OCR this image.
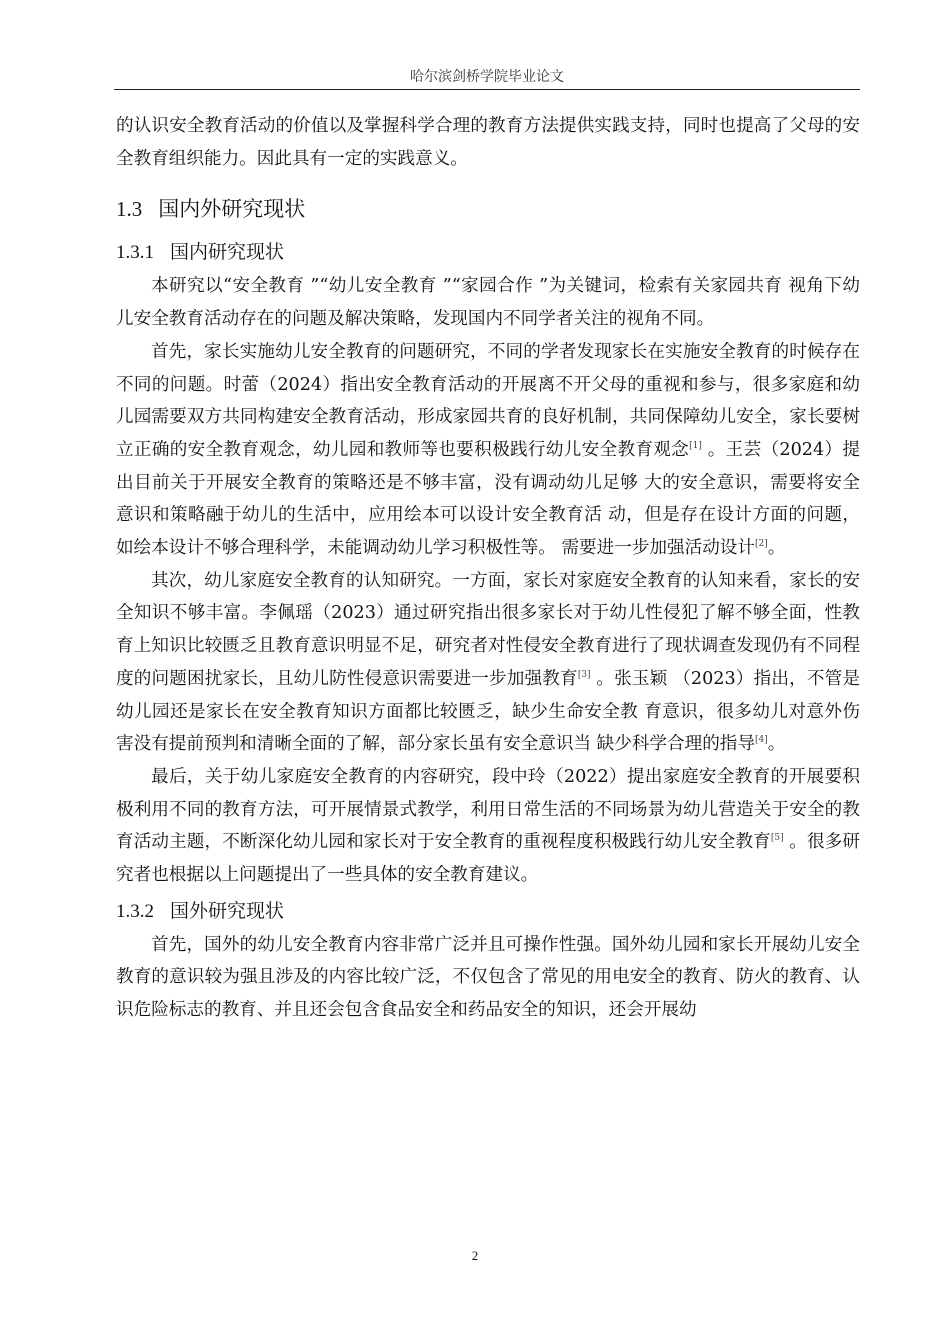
哈尔滨剑桥学院毕业论文

的认识安全教育活动的价值以及掌握科学合理的教育方法提供实践支持，同时也提高了父母的安全教育组织能力。因此具有一定的实践意义。

1.3 国内外研究现状
1.3.1 国内研究现状

本研究以“安全教育 ”“幼儿安全教育 ”“家园合作 ”为关键词，检索有关家园共育 视角下幼儿安全教育活动存在的问题及解决策略，发现国内不同学者关注的视角不同。

首先，家长实施幼儿安全教育的问题研究，不同的学者发现家长在实施安全教育的时候存在不同的问题。时蕾（2024）指出安全教育活动的开展离不开父母的重视和参与，很多家庭和幼儿园需要双方共同构建安全教育活动，形成家园共育的良好机制，共同保障幼儿安全，家长要树立正确的安全教育观念，幼儿园和教师等也要积极践行幼儿安全教育观念[1] 。王芸（2024）提出目前关于开展安全教育的策略还是不够丰富，没有调动幼儿足够 大的安全意识，需要将安全意识和策略融于幼儿的生活中，应用绘本可以设计安全教育活 动，但是存在设计方面的问题，如绘本设计不够合理科学，未能调动幼儿学习积极性等。 需要进一步加强活动设计[2]。

其次，幼儿家庭安全教育的认知研究。一方面，家长对家庭安全教育的认知来看，家长的安全知识不够丰富。李佩瑶（2023）通过研究指出很多家长对于幼儿性侵犯了解不够全面，性教育上知识比较匮乏且教育意识明显不足，研究者对性侵安全教育进行了现状调查发现仍有不同程度的问题困扰家长，且幼儿防性侵意识需要进一步加强教育[3] 。张玉颖 （2023）指出，不管是幼儿园还是家长在安全教育知识方面都比较匮乏，缺少生命安全教 育意识，很多幼儿对意外伤害没有提前预判和清晰全面的了解，部分家长虽有安全意识当 缺少科学合理的指导[4]。

最后，关于幼儿家庭安全教育的内容研究，段中玲（2022）提出家庭安全教育的开展要积极利用不同的教育方法，可开展情景式教学，利用日常生活的不同场景为幼儿营造关于安全的教育活动主题，不断深化幼儿园和家长对于安全教育的重视程度积极践行幼儿安全教育[5] 。很多研究者也根据以上问题提出了一些具体的安全教育建议。

1.3.2 国外研究现状

首先，国外的幼儿安全教育内容非常广泛并且可操作性强。国外幼儿园和家长开展幼儿安全教育的意识较为强且涉及的内容比较广泛，不仅包含了常见的用电安全的教育、防火的教育、认识危险标志的教育、并且还会包含食品安全和药品安全的知识，还会开展幼

2
